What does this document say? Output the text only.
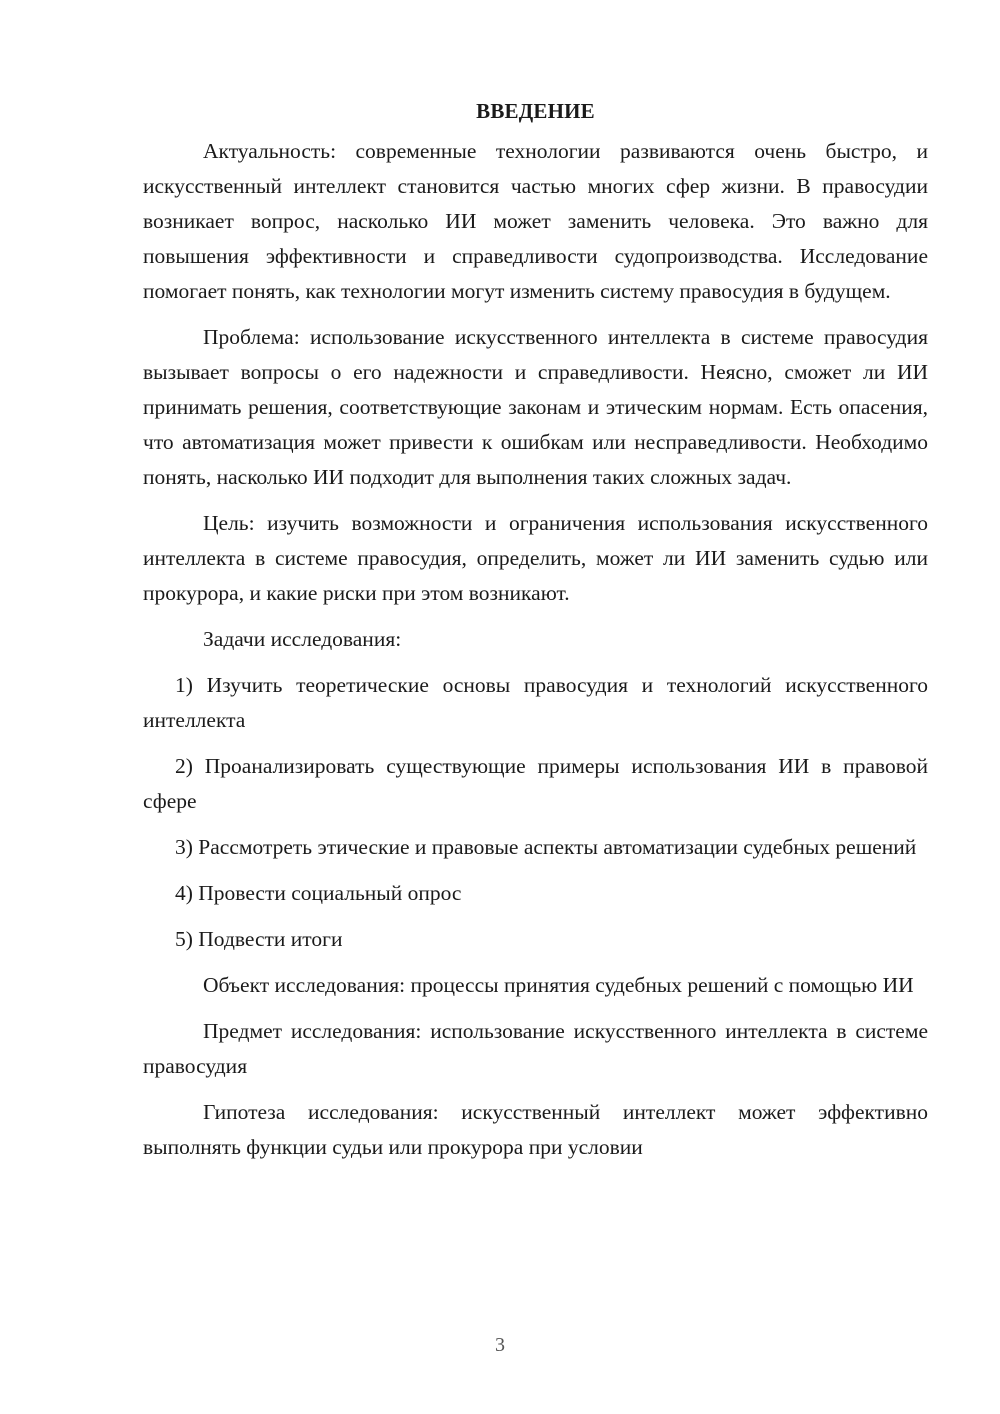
ВВЕДЕНИЕ

Актуальность: современные технологии развиваются очень быстро, и искусственный интеллект становится частью многих сфер жизни. В правосудии возникает вопрос, насколько ИИ может заменить человека. Это важно для повышения эффективности и справедливости судопроизводства. Исследование помогает понять, как технологии могут изменить систему правосудия в будущем.

Проблема: использование искусственного интеллекта в системе правосудия вызывает вопросы о его надежности и справедливости. Неясно, сможет ли ИИ принимать решения, соответствующие законам и этическим нормам. Есть опасения, что автоматизация может привести к ошибкам или несправедливости. Необходимо понять, насколько ИИ подходит для выполнения таких сложных задач.

Цель: изучить возможности и ограничения использования искусственного интеллекта в системе правосудия, определить, может ли ИИ заменить судью или прокурора, и какие риски при этом возникают.

Задачи исследования:

1) Изучить теоретические основы правосудия и технологий искусственного интеллекта

2) Проанализировать существующие примеры использования ИИ в правовой сфере

3) Рассмотреть этические и правовые аспекты автоматизации судебных решений

4) Провести социальный опрос

5) Подвести итоги

Объект исследования: процессы принятия судебных решений с помощью ИИ

Предмет исследования: использование искусственного интеллекта в системе правосудия

Гипотеза исследования: искусственный интеллект может эффективно выполнять функции судьи или прокурора при условии

3
